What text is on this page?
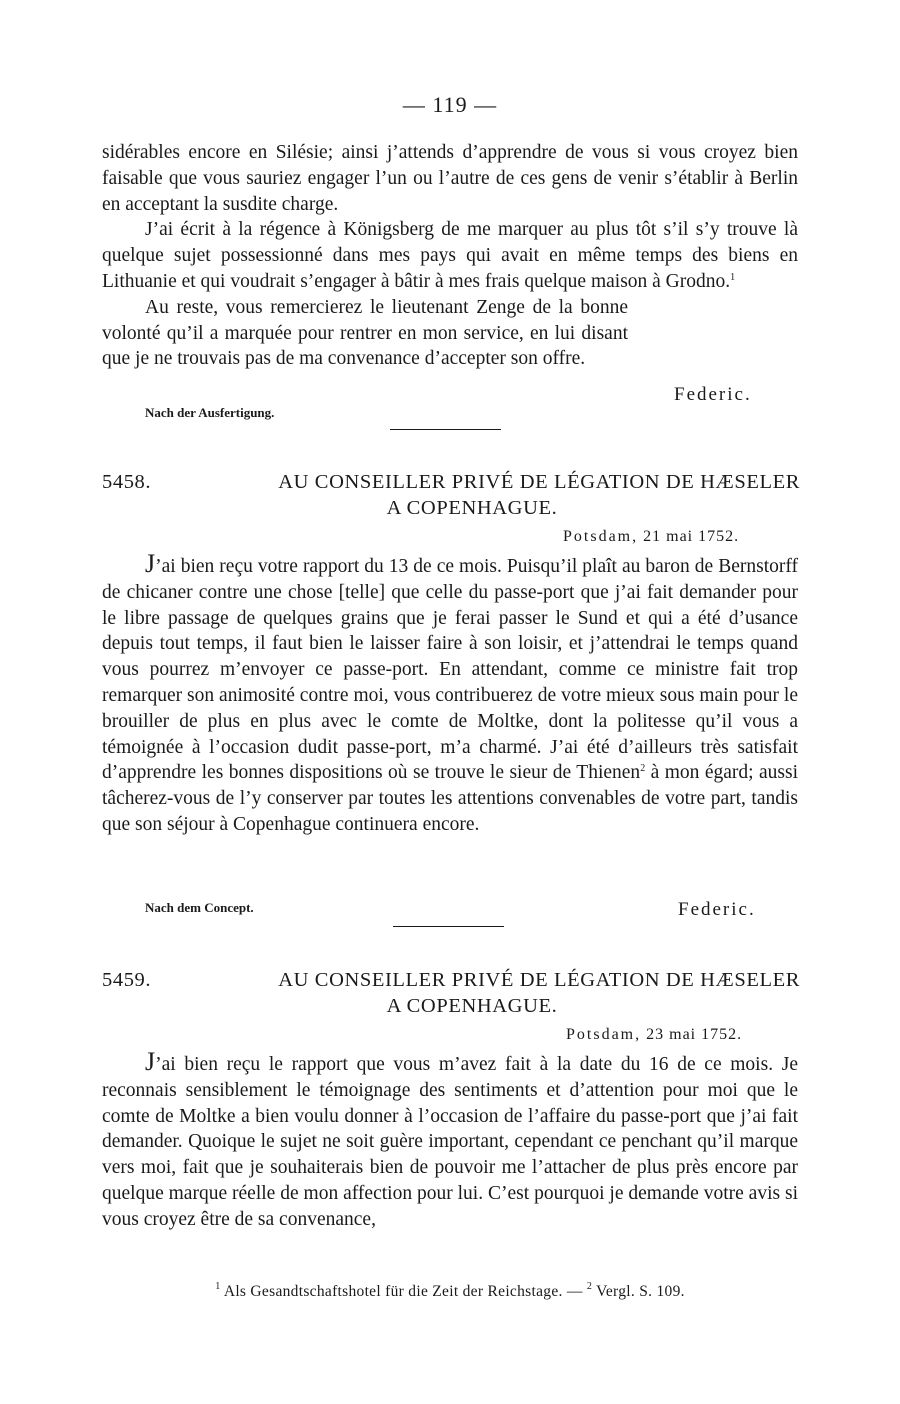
— 119 —

sidérables encore en Silésie; ainsi j’attends d’apprendre de vous si vous croyez bien faisable que vous sauriez engager l’un ou l’autre de ces gens de venir s’établir à Berlin en acceptant la susdite charge.

J’ai écrit à la régence à Königsberg de me marquer au plus tôt s’il s’y trouve là quelque sujet possessionné dans mes pays qui avait en même temps des biens en Lithuanie et qui voudrait s’engager à bâtir à mes frais quelque maison à Grodno.$^1$

Au reste, vous remercierez le lieutenant Zenge de la bonne volonté qu’il a marquée pour rentrer en mon service, en lui disant que je ne trouvais pas de ma convenance d’accepter son offre.

Federic.
Nach der Ausfertigung.
5458.	AU CONSEILLER PRIVÉ DE LÉGATION DE HÆSELER
A COPENHAGUE.
Potsdam, 21 mai 1752.

J’ai bien reçu votre rapport du 13 de ce mois. Puisqu’il plaît au baron de Bernstorff de chicaner contre une chose [telle] que celle du passe-port que j’ai fait demander pour le libre passage de quelques grains que je ferai passer le Sund et qui a été d’usance depuis tout temps, il faut bien le laisser faire à son loisir, et j’attendrai le temps quand vous pourrez m’envoyer ce passe-port. En attendant, comme ce ministre fait trop remarquer son animosité contre moi, vous contribuerez de votre mieux sous main pour le brouiller de plus en plus avec le comte de Moltke, dont la politesse qu’il vous a témoignée à l’occasion dudit passe-port, m’a charmé. J’ai été d’ailleurs très satisfait d’apprendre les bonnes dispositions où se trouve le sieur de Thienen$^2$ à mon égard; aussi tâcherez-vous de l’y conserver par toutes les attentions convenables de votre part, tandis que son séjour à Copenhague continuera encore.

Nach dem Concept.	Federic.
5459.	AU CONSEILLER PRIVÉ DE LÉGATION DE HÆSELER
A COPENHAGUE.
Potsdam, 23 mai 1752.

J’ai bien reçu le rapport que vous m’avez fait à la date du 16 de ce mois. Je reconnais sensiblement le témoignage des sentiments et d’attention pour moi que le comte de Moltke a bien voulu donner à l’occasion de l’affaire du passe-port que j’ai fait demander. Quoique le sujet ne soit guère important, cependant ce penchant qu’il marque vers moi, fait que je souhaiterais bien de pouvoir me l’attacher de plus près encore par quelque marque réelle de mon affection pour lui. C’est pourquoi je demande votre avis si vous croyez être de sa convenance,

$^1$ Als Gesandtschaftshotel für die Zeit der Reichstage. — $^2$ Vergl. S. 109.
